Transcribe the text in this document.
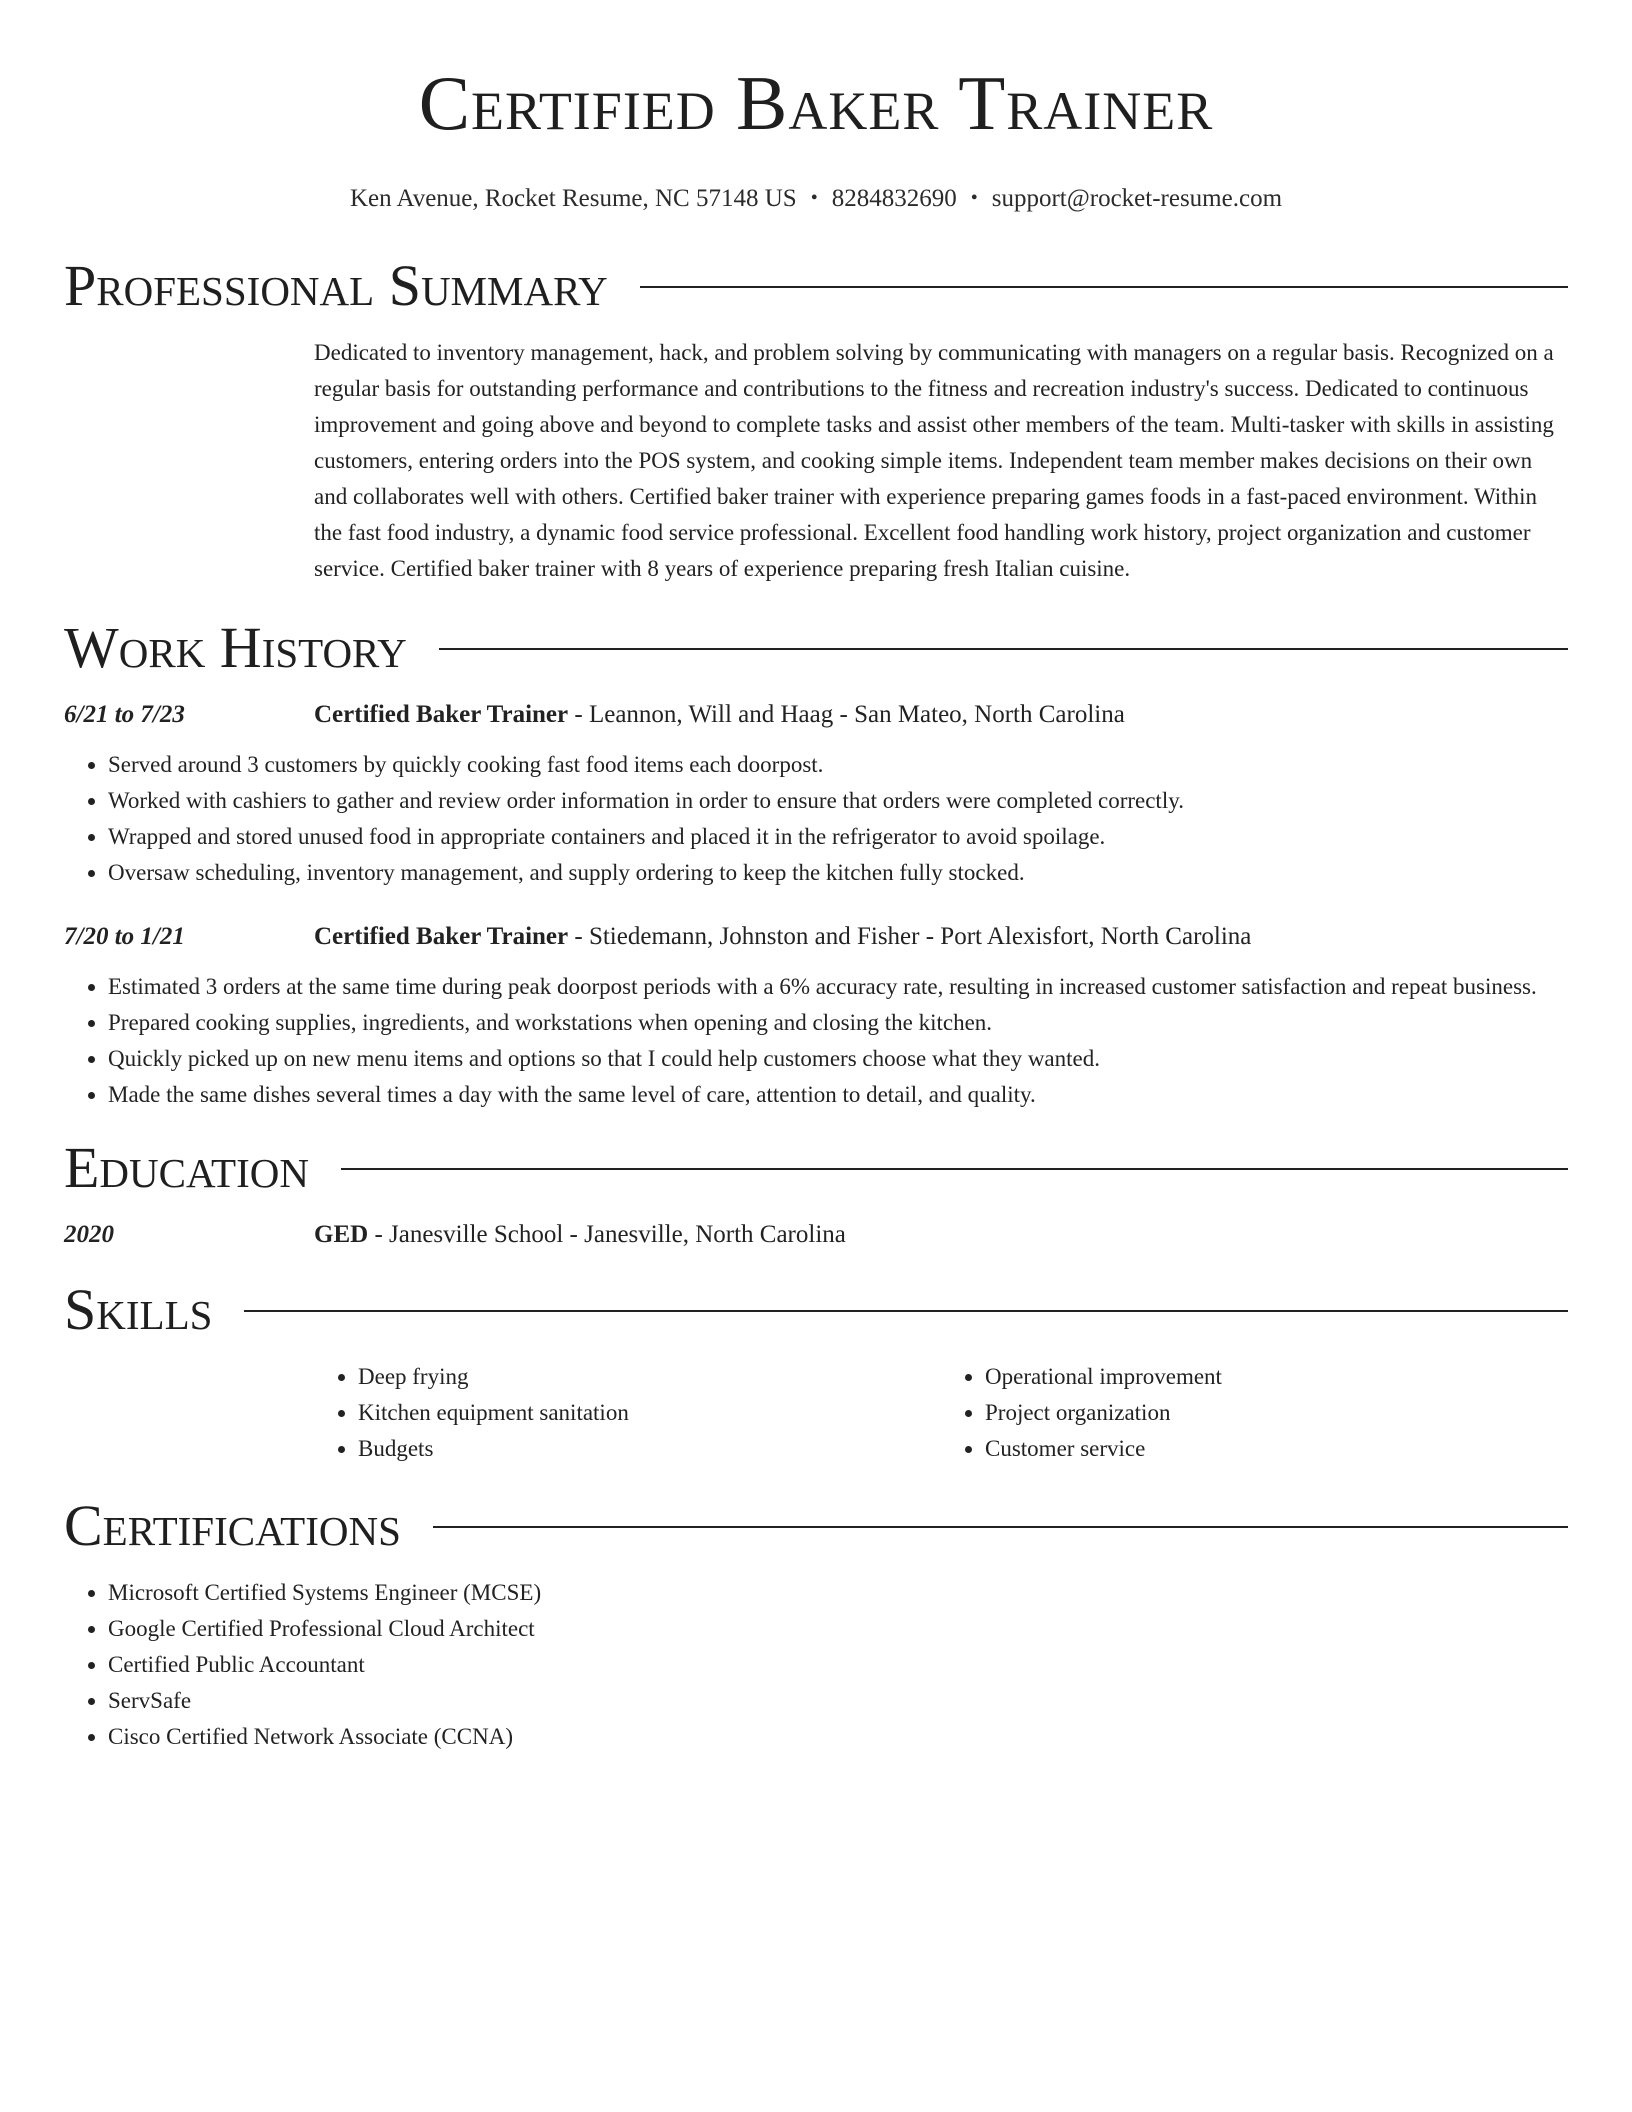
Certified Baker Trainer
Ken Avenue, Rocket Resume, NC 57148 US • 8284832690 • support@rocket-resume.com
Professional Summary
Dedicated to inventory management, hack, and problem solving by communicating with managers on a regular basis. Recognized on a regular basis for outstanding performance and contributions to the fitness and recreation industry's success. Dedicated to continuous improvement and going above and beyond to complete tasks and assist other members of the team. Multi-tasker with skills in assisting customers, entering orders into the POS system, and cooking simple items. Independent team member makes decisions on their own and collaborates well with others. Certified baker trainer with experience preparing games foods in a fast-paced environment. Within the fast food industry, a dynamic food service professional. Excellent food handling work history, project organization and customer service. Certified baker trainer with 8 years of experience preparing fresh Italian cuisine.
Work History
6/21 to 7/23	Certified Baker Trainer - Leannon, Will and Haag - San Mateo, North Carolina
• Served around 3 customers by quickly cooking fast food items each doorpost.
• Worked with cashiers to gather and review order information in order to ensure that orders were completed correctly.
• Wrapped and stored unused food in appropriate containers and placed it in the refrigerator to avoid spoilage.
• Oversaw scheduling, inventory management, and supply ordering to keep the kitchen fully stocked.
7/20 to 1/21	Certified Baker Trainer - Stiedemann, Johnston and Fisher - Port Alexisfort, North Carolina
• Estimated 3 orders at the same time during peak doorpost periods with a 6% accuracy rate, resulting in increased customer satisfaction and repeat business.
• Prepared cooking supplies, ingredients, and workstations when opening and closing the kitchen.
• Quickly picked up on new menu items and options so that I could help customers choose what they wanted.
• Made the same dishes several times a day with the same level of care, attention to detail, and quality.
Education
2020	GED - Janesville School - Janesville, North Carolina
Skills
• Deep frying
• Kitchen equipment sanitation
• Budgets
• Operational improvement
• Project organization
• Customer service
Certifications
• Microsoft Certified Systems Engineer (MCSE)
• Google Certified Professional Cloud Architect
• Certified Public Accountant
• ServSafe
• Cisco Certified Network Associate (CCNA)
